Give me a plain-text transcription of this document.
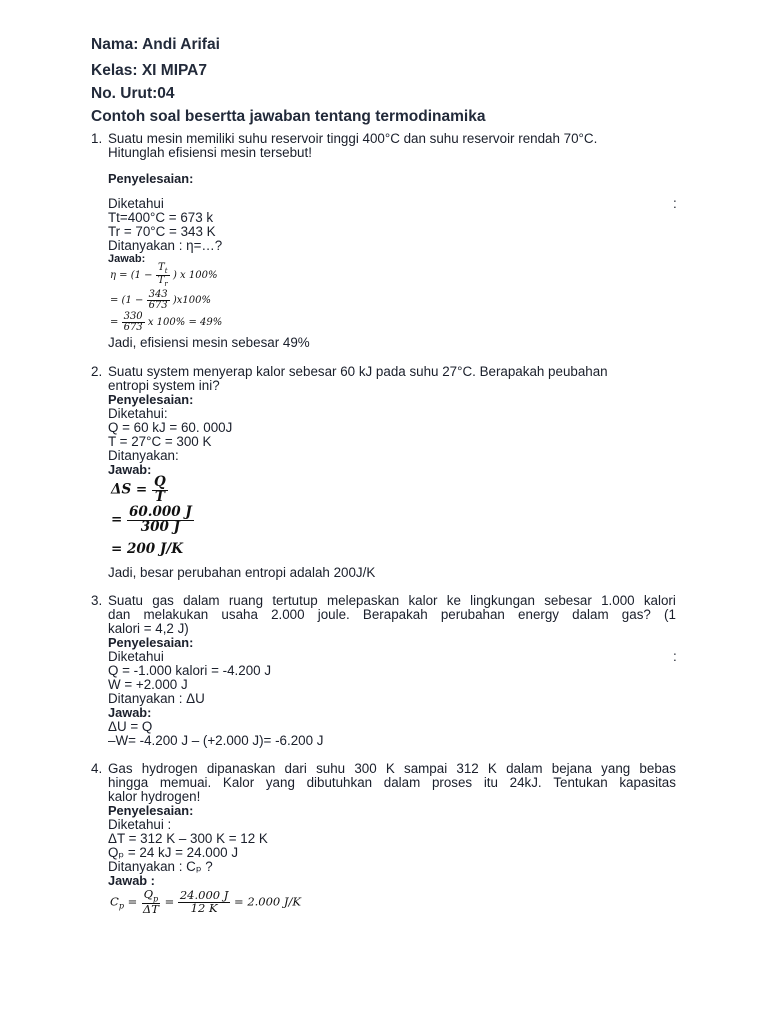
Nama: Andi Arifai
Kelas: XI MIPA7
No. Urut:04
Contoh soal besertta jawaban tentang termodinamika
1. Suatu mesin memiliki suhu reservoir tinggi 400°C dan suhu reservoir rendah 70°C.
Hitunglah efisiensi mesin tersebut!
Penyelesaian:
Diketahui	:
Tt=400°C = 673 k
Tr = 70°C = 343 K
Ditanyakan : η=…?
Jawab:
$\eta = (1 - \frac{T_t}{T_r}$ ) x 100%
= $(1 - \frac{343}{673} )x100\%$
= $\frac{330}{673}$ x 100% = 49%
Jadi, efisiensi mesin sebesar 49%
2. Suatu system menyerap kalor sebesar 60 kJ pada suhu 27°C. Berapakah peubahan
entropi system ini?
Penyelesaian:
Diketahui:
Q = 60 kJ = 60. 000J
T = 27°C = 300 K
Ditanyakan:
Jawab:
$\Delta S = \frac{Q}{T}$
= $\frac{60.000 J}{300 J}$
= 200 J/K
Jadi, besar perubahan entropi adalah 200J/K
3. Suatu gas dalam ruang tertutup melepaskan kalor ke lingkungan sebesar 1.000 kalori
dan melakukan usaha 2.000 joule. Berapakah perubahan energy dalam gas? (1
kalori = 4,2 J)
Penyelesaian:
Diketahui	:
Q = -1.000 kalori = -4.200 J
W = +2.000 J
Ditanyakan : ΔU
Jawab:
ΔU = Q
–W= -4.200 J – (+2.000 J)= -6.200 J
4. Gas hydrogen dipanaskan dari suhu 300 K sampai 312 K dalam bejana yang bebas
hingga memuai. Kalor yang dibutuhkan dalam proses itu 24kJ. Tentukan kapasitas
kalor hydrogen!
Penyelesaian:
Diketahui :
ΔT = 312 K – 300 K = 12 K
Qₚ = 24 kJ = 24.000 J
Ditanyakan : Cₚ ?
Jawab :
$C_p = \frac{Q_p}{\Delta T} = \frac{24.000 J}{12 K} = 2.000$ J/K
